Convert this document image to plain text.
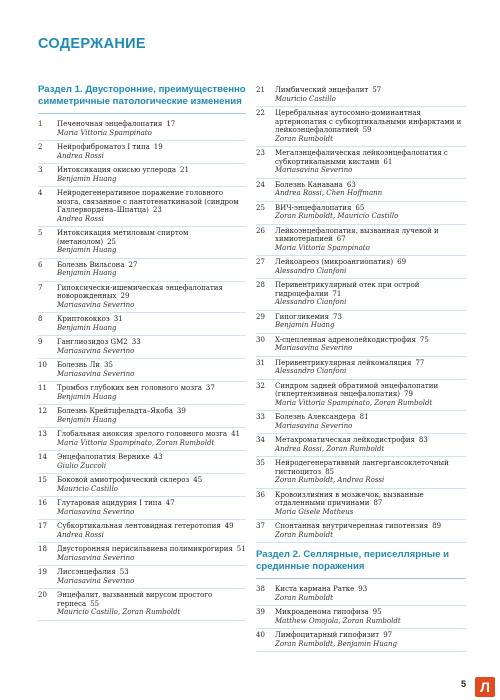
СОДЕРЖАНИЕ
Раздел 1. Двусторонние, преимущественно симметричные патологические изменения
1	Печеночная энцефалопатия 17
Maria Vittoria Spampinato
2	Нейрофиброматоз I типа 19
Andrea Rossi
3	Интоксикация окисью углерода 21
Benjamin Huang
4	Нейродегенеративное поражение головного мозга, связанное с пантотенаткиназой (синдром Галлервордена–Шпатца) 23
Andrea Rossi
5	Интоксикация метиловым спиртом (метанолом) 25
Benjamin Huang
6	Болезнь Вильсона 27
Benjamin Huang
7	Гипоксически-ишемическая энцефалопатия новорожденных 29
Mariasavina Severino
8	Криптококкоз 31
Benjamin Huang
9	Ганглиозидоз GM2 33
Mariasavina Severino
10	Болезнь Ли 35
Mariasavina Severino
11	Тромбоз глубоких вен головного мозга 37
Benjamin Huang
12	Болезнь Крейтцфельдта–Якоба 39
Benjamin Huang
13	Глобальная аноксия зрелого головного мозга 41
Maria Vittoria Spampinato, Zoran Rumboldt
14	Энцефалопатия Вернике 43
Giulio Zuccoli
15	Боковой амиотрофический склероз 45
Mauricio Castillo
16	Глутаровая ацидурия I типа 47
Mariasavina Severino
17	Субкортикальная лентовидная гетеротопия 49
Andrea Rossi
18	Двусторонняя перисильвиева полимикрогирия 51
Mariasavina Severino
19	Лиссэнцефалия 53
Mariasavina Severino
20	Энцефалит, вызванный вирусом простого герпеса 55
Mauricio Castillo, Zoran Rumboldt
21	Лимбический энцефалит 57
Mauricio Castillo
22	Церебральная аутосомно-доминантная артериопатия с субкортикальными инфарктами и лейкоэнцефалопатией 59
Zoran Rumboldt
23	Мегалэнцефалическая лейкоэнцефалопатия с субкортикальными кистами 61
Mariasavina Severino
24	Болезнь Канавана 63
Andrea Rossi, Chen Hoffmann
25	ВИЧ-энцефалопатия 65
Zoran Rumboldt, Mauricio Castillo
26	Лейкоэнцефалопатия, вызванная лучевой и химиотерапией 67
Maria Vittoria Spampinato
27	Лейкоареоз (микроангиопатия) 69
Alessandro Cianfoni
28	Перивентрикулярный отек при острой гидроцефалии 71
Alessandro Cianfoni
29	Гипогликемия 73
Benjamin Huang
30	X-сцепленная адренолейкодистрофия 75
Mariasavina Severino
31	Перивентрикулярная лейкомаляция 77
Alessandro Cianfoni
32	Синдром задней обратимой энцефалопатии (гипертензивная энцефалопатия) 79
Maria Vittoria Spampinato, Zoran Rumboldt
33	Болезнь Александера 81
Mariasavina Severino
34	Метахроматическая лейкодистрофия 83
Andrea Rossi, Zoran Rumboldt
35	Нейродегенеративный лангергансоклеточный гистиоцитоз 85
Zoran Rumboldt, Andrea Rossi
36	Кровоизлияния в мозжечок, вызванные отдаленными причинами 87
Maria Gisele Matheus
37	Спонтанная внутричерепная гипотензия 89
Zoran Rumboldt
Раздел 2. Селлярные, периселлярные и срединные поражения
38	Киста кармана Ратке 93
Zoran Rumboldt
39	Микроаденома гипофиза 95
Matthew Omojola, Zoran Rumboldt
40	Лимфоцитарный гипофизит 97
Zoran Rumboldt, Benjamin Huang
5	Л
